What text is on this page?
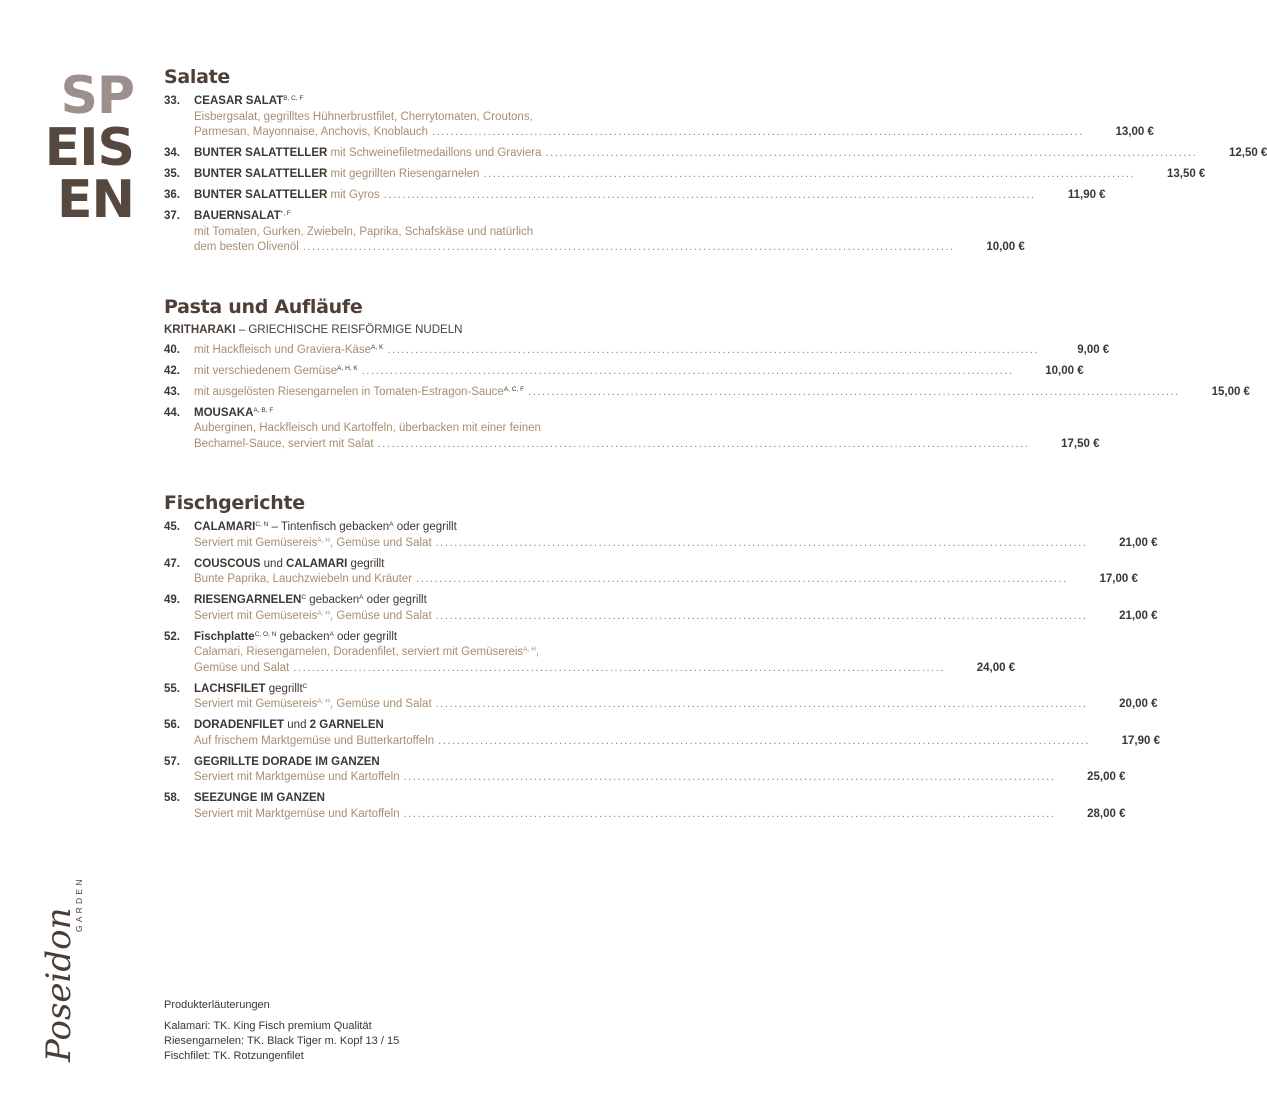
SP
EIS
EN
Salate
33.	CEASAR $SALAT^{B, C, F}$
Eisbergsalat, gegrilltes Hühnerbrustfilet, Cherrytomaten, Croutons,
Parmesan, Mayonnaise, Anchovis, Knoblauch ............................................................................................................................................	13,00 €
34.	BUNTER SALATTELLER mit Schweinefiletmedaillons und Graviera ............................................................................................................................................	12,50 €
35.	BUNTER SALATTELLER mit gegrillten Riesengarnelen ............................................................................................................................................	13,50 €
36.	BUNTER SALATTELLER mit Gyros ............................................................................................................................................	11,90 €
37.	$BAUERNSALAT^{*, F}$
mit Tomaten, Gurken, Zwiebeln, Paprika, Schafskäse und natürlich
dem besten Olivenöl ............................................................................................................................................	10,00 €
Pasta und Aufläufe
KRITHARAKI – GRIECHISCHE REISFÖRMIGE NUDELN
40.	mit Hackfleisch und Graviera-Käse$^{A, K}$ ............................................................................................................................................	9,00 €
42.	mit verschiedenem Gemüse$^{A, H, K}$ ............................................................................................................................................	10,00 €
43.	mit ausgelösten Riesengarnelen in Tomaten-Estragon-Sauce$^{A, C, F}$ ............................................................................................................................................	15,00 €
44.	$MOUSAKA^{A, B, F}$
Auberginen, Hackfleisch und Kartoffeln, überbacken mit einer feinen
Bechamel-Sauce, serviert mit Salat ............................................................................................................................................	17,50 €
Fischgerichte
45.	$CALAMARI^{C, N}$ – Tintenfisch gebacken$^A$ oder gegrillt
Serviert mit Gemüsereis$^{A, H}$, Gemüse und Salat ............................................................................................................................................	21,00 €
47.	COUSCOUS und CALAMARI gegrillt
Bunte Paprika, Lauchzwiebeln und Kräuter ............................................................................................................................................	17,00 €
49.	$RIESENGARNELEN^C$ gebacken$^A$ oder gegrillt
Serviert mit Gemüsereis$^{A, H}$, Gemüse und Salat ............................................................................................................................................	21,00 €
52.	Fischplatte$^{C, O, N}$ gebacken$^A$ oder gegrillt
Calamari, Riesengarnelen, Doradenfilet, serviert mit Gemüsereis$^{A, H}$,
Gemüse und Salat ............................................................................................................................................	24,00 €
55.	LACHSFILET gegrillt$^C$
Serviert mit Gemüsereis$^{A, H}$, Gemüse und Salat ............................................................................................................................................	20,00 €
56.	DORADENFILET und 2 GARNELEN
Auf frischem Marktgemüse und Butterkartoffeln ............................................................................................................................................	17,90 €
57.	GEGRILLTE DORADE IM GANZEN
Serviert mit Marktgemüse und Kartoffeln ............................................................................................................................................	25,00 €
58.	SEEZUNGE IM GANZEN
Serviert mit Marktgemüse und Kartoffeln ............................................................................................................................................	28,00 €
Poseidon
GARDEN
Produkterläuterungen
Kalamari: TK. King Fisch premium Qualität
Riesengarnelen: TK. Black Tiger m. Kopf 13 / 15
Fischfilet: TK. Rotzungenfilet
